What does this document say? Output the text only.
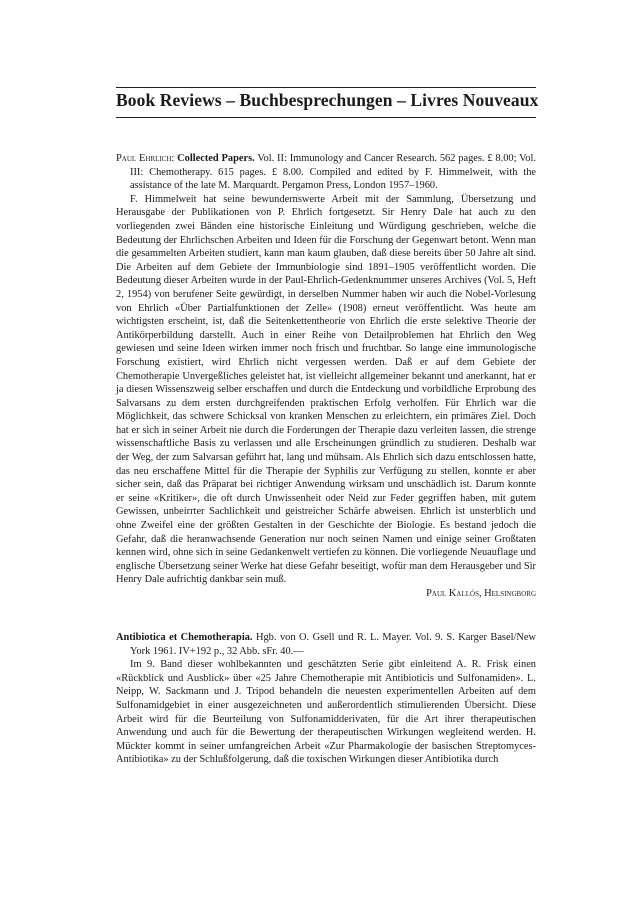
Book Reviews – Buchbesprechungen – Livres Nouveaux

Paul Ehrlich: Collected Papers. Vol. II: Immunology and Cancer Research. 562 pages. £ 8.00; Vol. III: Chemotherapy. 615 pages. £ 8.00. Compiled and edited by F. Himmelweit, with the assistance of the late M. Marquardt. Pergamon Press, London 1957–1960.

F. Himmelweit hat seine bewundernswerte Arbeit mit der Sammlung, Übersetzung und Herausgabe der Publikationen von P. Ehrlich fortgesetzt. Sir Henry Dale hat auch zu den vorliegenden zwei Bänden eine historische Einleitung und Würdigung geschrieben, welche die Bedeutung der Ehrlichschen Arbeiten und Ideen für die Forschung der Gegenwart betont. Wenn man die gesammelten Arbeiten studiert, kann man kaum glauben, daß diese bereits über 50 Jahre alt sind. Die Arbeiten auf dem Gebiete der Immunbiologie sind 1891–1905 veröffentlicht worden. Die Bedeutung dieser Arbeiten wurde in der Paul-Ehrlich-Gedenknummer unseres Archives (Vol. 5, Heft 2, 1954) von berufener Seite gewürdigt, in derselben Nummer haben wir auch die Nobel-Vorlesung von Ehrlich «Über Partialfunktionen der Zelle» (1908) erneut veröffentlicht. Was heute am wichtigsten erscheint, ist, daß die Seitenkettentheorie von Ehrlich die erste selektive Theorie der Antikörperbildung darstellt. Auch in einer Reihe von Detailproblemen hat Ehrlich den Weg gewiesen und seine Ideen wirken immer noch frisch und fruchtbar. So lange eine immunologische Forschung existiert, wird Ehrlich nicht vergessen werden. Daß er auf dem Gebiete der Chemotherapie Unvergeßliches geleistet hat, ist vielleicht allgemeiner bekannt und anerkannt, hat er ja diesen Wissenszweig selber erschaffen und durch die Entdeckung und vorbildliche Erprobung des Salvarsans zu dem ersten durchgreifenden praktischen Erfolg verholfen. Für Ehrlich war die Möglichkeit, das schwere Schicksal von kranken Menschen zu erleichtern, ein primäres Ziel. Doch hat er sich in seiner Arbeit nie durch die Forderungen der Therapie dazu verleiten lassen, die strenge wissenschaftliche Basis zu verlassen und alle Erscheinungen gründlich zu studieren. Deshalb war der Weg, der zum Salvarsan geführt hat, lang und mühsam. Als Ehrlich sich dazu entschlossen hatte, das neu erschaffene Mittel für die Therapie der Syphilis zur Verfügung zu stellen, konnte er aber sicher sein, daß das Präparat bei richtiger Anwendung wirksam und unschädlich ist. Darum konnte er seine «Kritiker», die oft durch Unwissenheit oder Neid zur Feder gegriffen haben, mit gutem Gewissen, unbeirrter Sachlichkeit und geistreicher Schärfe abweisen. Ehrlich ist unsterblich und ohne Zweifel eine der größten Gestalten in der Geschichte der Biologie. Es bestand jedoch die Gefahr, daß die heranwachsende Generation nur noch seinen Namen und einige seiner Großtaten kennen wird, ohne sich in seine Gedankenwelt vertiefen zu können. Die vorliegende Neuauflage und englische Übersetzung seiner Werke hat diese Gefahr beseitigt, wofür man dem Herausgeber und Sir Henry Dale aufrichtig dankbar sein muß.
Paul Kallós, Helsingborg

Antibiotica et Chemotherapia. Hgb. von O. Gsell und R. L. Mayer. Vol. 9. S. Karger Basel/New York 1961. IV+192 p., 32 Abb. sFr. 40.—

Im 9. Band dieser wohlbekannten und geschätzten Serie gibt einleitend A. R. Frisk einen «Rückblick und Ausblick» über «25 Jahre Chemotherapie mit Antibioticis und Sulfonamiden». L. Neipp, W. Sackmann und J. Tripod behandeln die neuesten experimentellen Arbeiten auf dem Sulfonamidgebiet in einer ausgezeichneten und außerordentlich stimulierenden Übersicht. Diese Arbeit wird für die Beurteilung von Sulfonamidderivaten, für die Art ihrer therapeutischen Anwendung und auch für die Bewertung der therapeutischen Wirkungen wegleitend werden. H. Mückter kommt in seiner umfangreichen Arbeit «Zur Pharmakologie der basischen Streptomyces-Antibiotika» zu der Schlußfolgerung, daß die toxischen Wirkungen dieser Antibiotika durch
